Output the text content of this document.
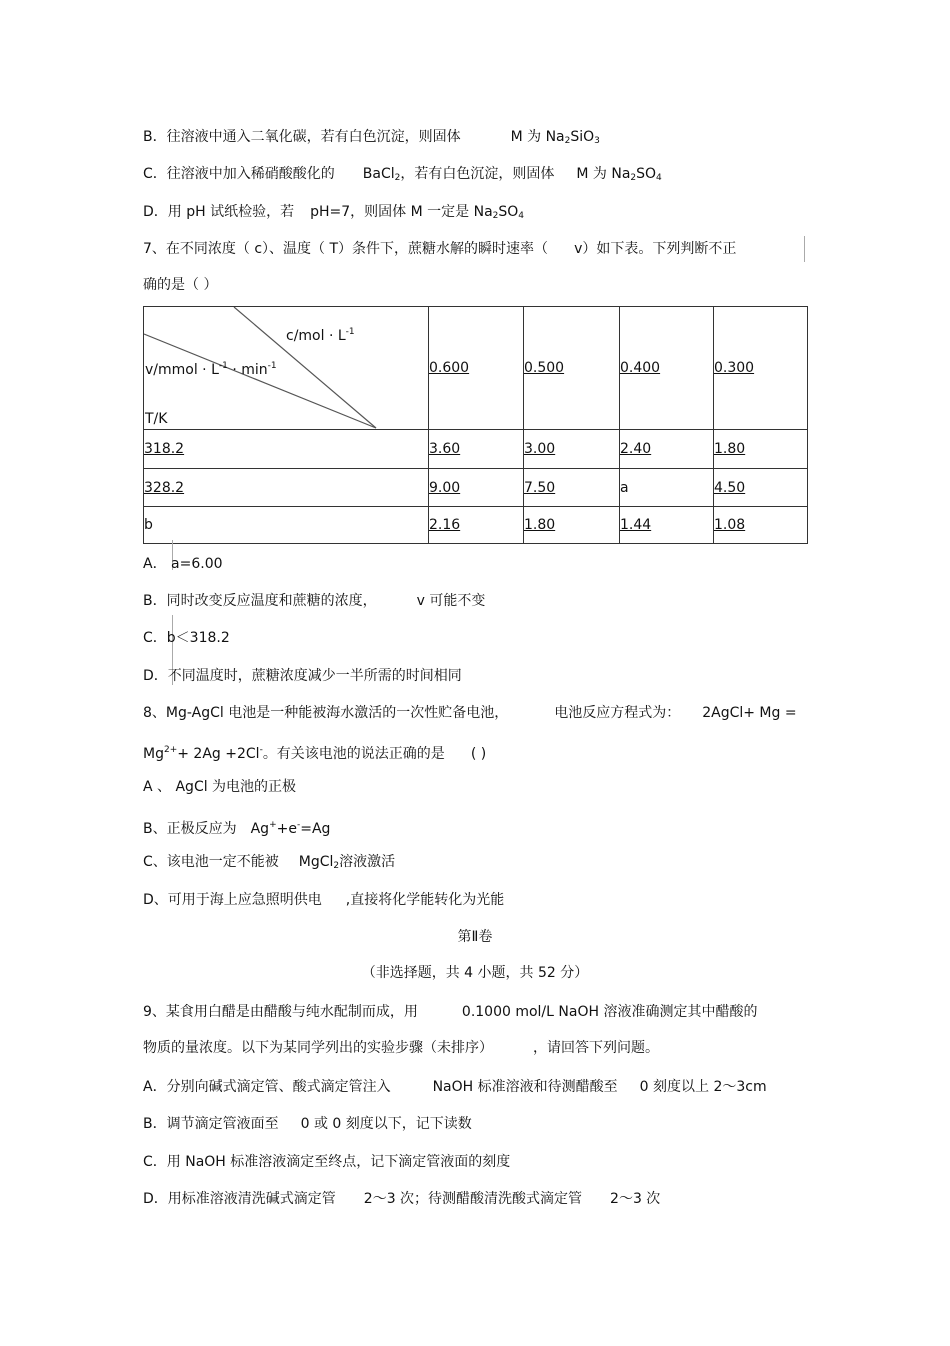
B．往溶液中通入二氧化碳，若有白色沉淀，则固体	M 为 $Na_2SiO_3$
C．往溶液中加入稀硝酸酸化的 BaCl$_2$，若有白色沉淀，则固体 M 为 $Na_2SO_4$
D．用 pH 试纸检验，若 pH=7，则固体 M 一定是 $Na_2SO_4$
7、在不同浓度（ c）、温度（ T）条件下，蔗糖水解的瞬时速率（ v）如下表。下列判断不正
确的是（ ）
$c/mol \cdot L^{-1}$
v/mmol · $L^{-1} \cdot \min^{-1}$
T/K	0.600	0.500	0.400	0.300
318.2	3.60	3.00	2.40	1.80
328.2	9.00	7.50	a	4.50
b	2.16	1.80	1.44	1.08
A． a=6.00
B．同时改变反应温度和蔗糖的浓度，	v 可能不变
C．b＜318.2
D．不同温度时，蔗糖浓度减少一半所需的时间相同
8、Mg-AgCl 电池是一种能被海水激活的一次性贮备电池，	电池反应方程式为： 2AgCl+ Mg =
$Mg^{2+}+ 2Ag +2Cl^-$。有关该电池的说法正确的是 ( )
A 、 AgCl 为电池的正极
B、正极反应为 Ag++e-=Ag
C、该电池一定不能被 MgCl$_2$溶液激活
D、可用于海上应急照明供电 ,直接将化学能转化为光能
第Ⅱ卷
（非选择题，共 4 小题，共 52 分）
9、某食用白醋是由醋酸与纯水配制而成，用	0.1000 mol/L NaOH 溶液准确测定其中醋酸的
物质的量浓度。以下为某同学列出的实验步骤（未排序）	，请回答下列问题。
A．分别向碱式滴定管、酸式滴定管注入	NaOH 标准溶液和待测醋酸至 0 刻度以上 2～3cm
B．调节滴定管液面至 0 或 0 刻度以下，记下读数
C．用 NaOH 标准溶液滴定至终点，记下滴定管液面的刻度
D．用标准溶液清洗碱式滴定管 2～3 次；待测醋酸清洗酸式滴定管 2～3 次
